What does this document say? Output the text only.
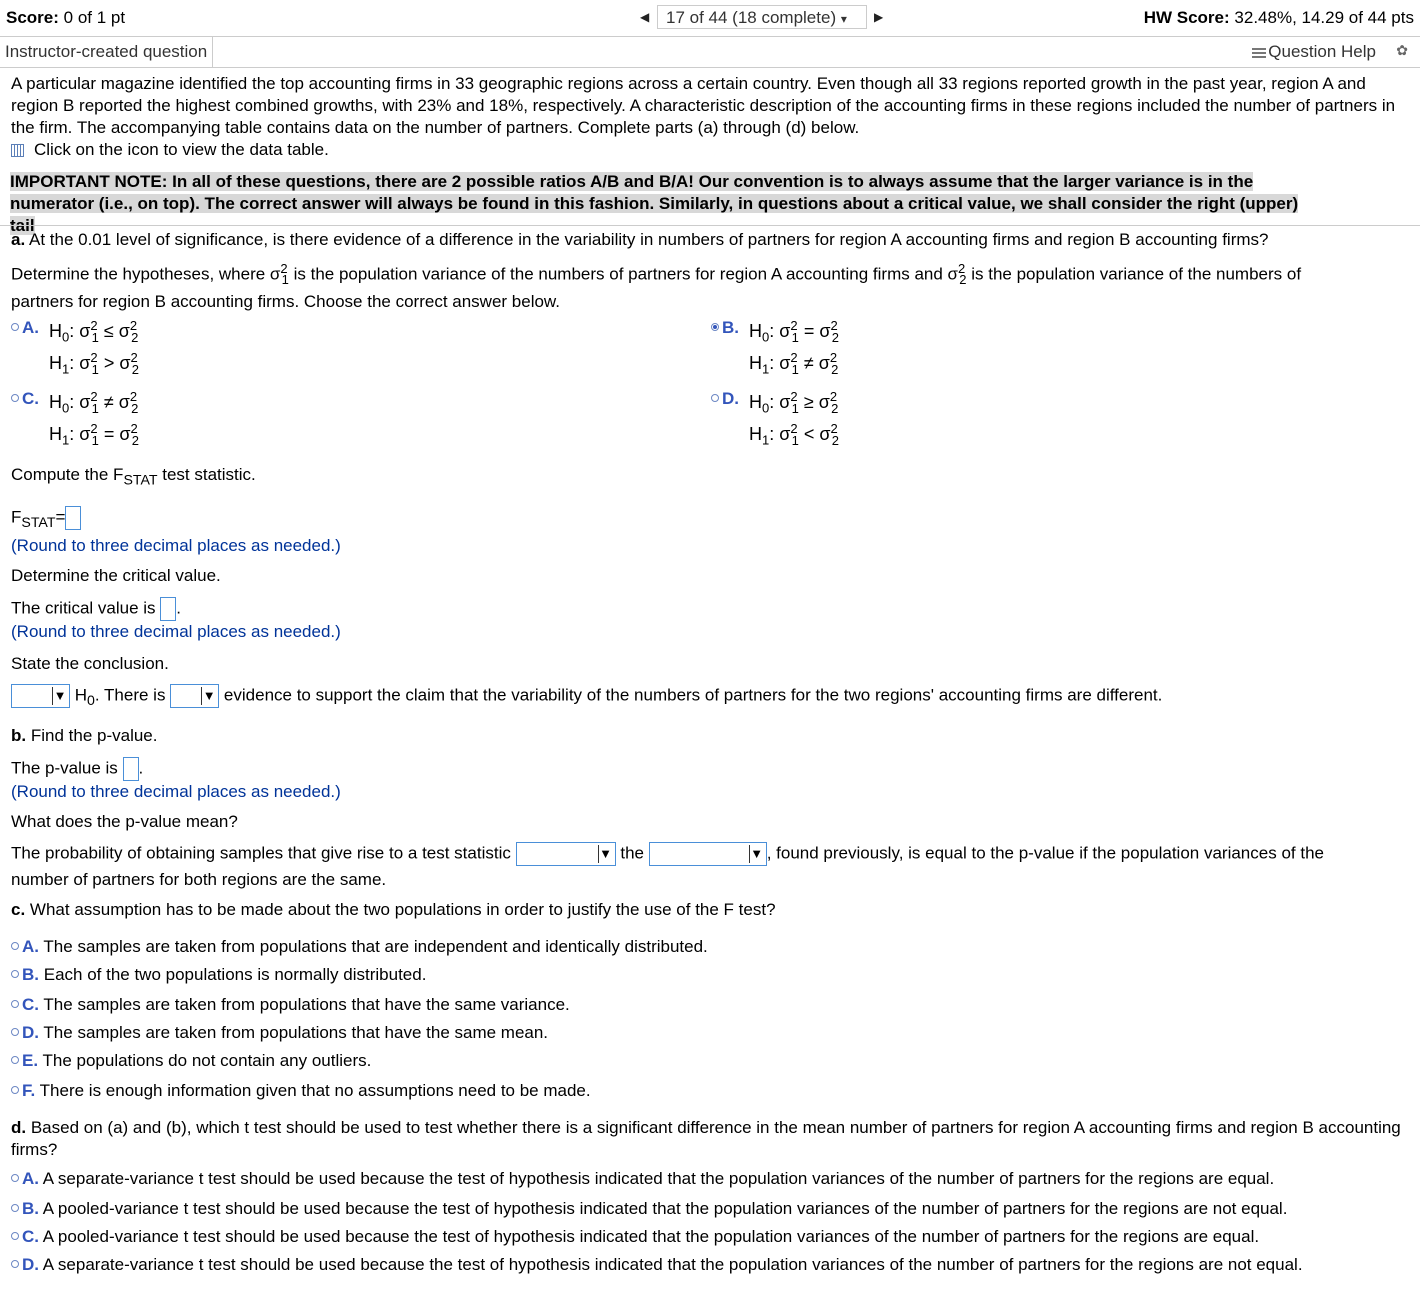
Score: 0 of 1 pt	◀ 17 of 44 (18 complete) ▾	▶	HW Score: 32.48%, 14.29 of 44 pts
Instructor-created question	Question Help ✿
A particular magazine identified the top accounting firms in 33 geographic regions across a certain country. Even though all 33 regions reported growth in the past year, region A and region B reported the highest combined growths, with 23% and 18%, respectively. A characteristic description of the accounting firms in these regions included the number of partners in the firm. The accompanying table contains data on the number of partners. Complete parts (a) through (d) below.
Click on the icon to view the data table.
IMPORTANT NOTE: In all of these questions, there are 2 possible ratios A/B and B/A! Our convention is to always assume that the larger variance is in the
numerator (i.e., on top). The correct answer will always be found in this fashion. Similarly, in questions about a critical value, we shall consider the right (upper)
tail
a. At the 0.01 level of significance, is there evidence of a difference in the variability in numbers of partners for region A accounting firms and region B accounting firms?
Determine the hypotheses, where $\sigma^2_1$ is the population variance of the numbers of partners for region A accounting firms and $\sigma^2_2$ is the population variance of the numbers of
partners for region B accounting firms. Choose the correct answer below.
A. $H_0$: $\sigma^2_1 \le \sigma^2_2$
$H_1$: $\sigma^2_1 > \sigma^2_2$
B. $H_0$: $\sigma^2_1 = \sigma^2_2$
$H_1$: $\sigma^2_1 \ne \sigma^2_2$
C. $H_0$: $\sigma^2_1 \ne \sigma^2_2$
$H_1$: $\sigma^2_1 = \sigma^2_2$
D. $H_0$: $\sigma^2_1 \ge \sigma^2_2$
$H_1$: $\sigma^2_1 < \sigma^2_2$
Compute the $F_{STAT}$ test statistic.
$F_{STAT}=$
(Round to three decimal places as needed.)
Determine the critical value.
The critical value is .
(Round to three decimal places as needed.)
State the conclusion.
▼ $H_0$. There is	▼ evidence to support the claim that the variability of the numbers of partners for the two regions' accounting firms are different.
b. Find the p-value.
The p-value is .
(Round to three decimal places as needed.)
What does the p-value mean?
The probability of obtaining samples that give rise to a test statistic	▼ the	▼ , found previously, is equal to the p-value if the population variances of the
number of partners for both regions are the same.
c. What assumption has to be made about the two populations in order to justify the use of the F test?
A. The samples are taken from populations that are independent and identically distributed.
B. Each of the two populations is normally distributed.
C. The samples are taken from populations that have the same variance.
D. The samples are taken from populations that have the same mean.
E. The populations do not contain any outliers.
F. There is enough information given that no assumptions need to be made.
d. Based on (a) and (b), which t test should be used to test whether there is a significant difference in the mean number of partners for region A accounting firms and region B accounting firms?
A. A separate-variance t test should be used because the test of hypothesis indicated that the population variances of the number of partners for the regions are equal.
B. A pooled-variance t test should be used because the test of hypothesis indicated that the population variances of the number of partners for the regions are not equal.
C. A pooled-variance t test should be used because the test of hypothesis indicated that the population variances of the number of partners for the regions are equal.
D. A separate-variance t test should be used because the test of hypothesis indicated that the population variances of the number of partners for the regions are not equal.
